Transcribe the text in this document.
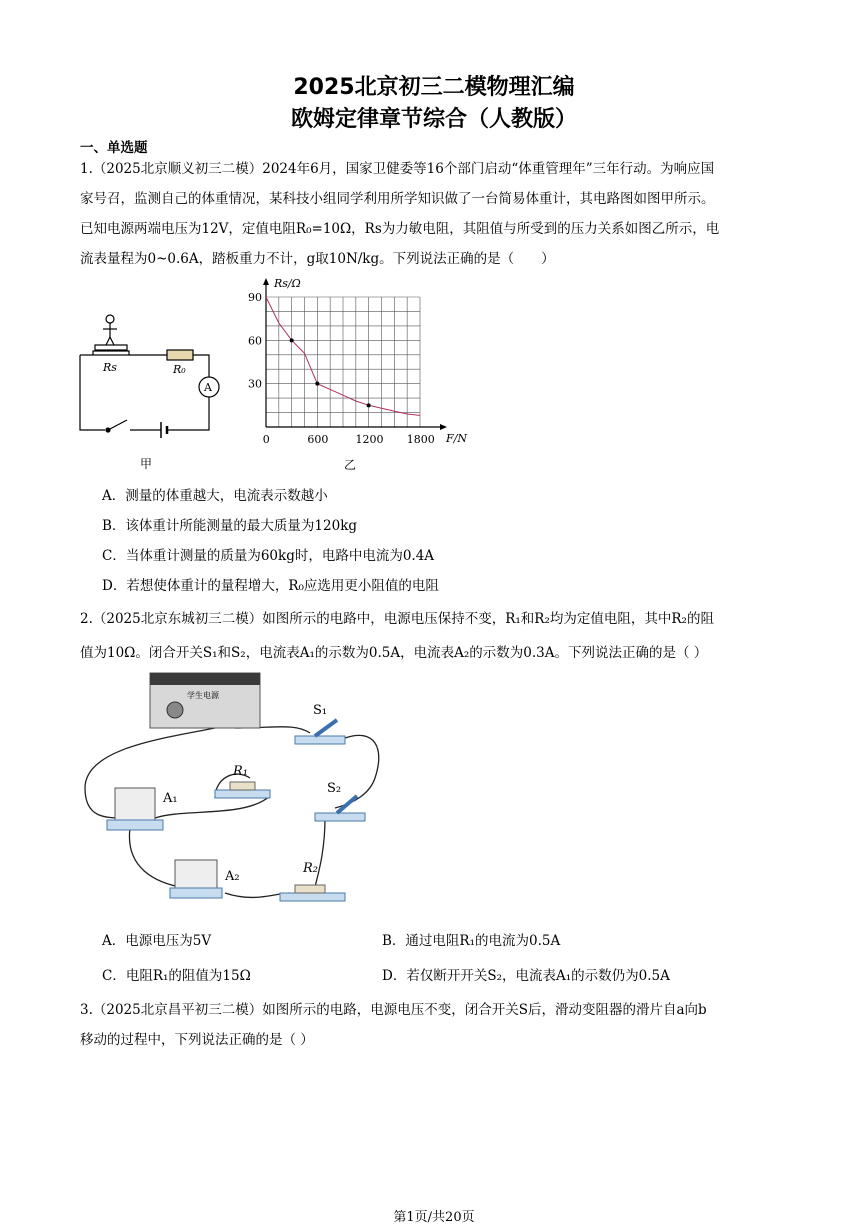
2025北京初三二模物理汇编
欧姆定律章节综合（人教版）
一、单选题
1.（2025北京顺义初三二模）2024年6月，国家卫健委等16个部门启动“体重管理年”三年行动。为响应国
家号召，监测自己的体重情况，某科技小组同学利用所学知识做了一台简易体重计，其电路图如图甲所示。
已知电源两端电压为12V，定值电阻R₀=10Ω，Rs为力敏电阻，其阻值与所受到的压力关系如图乙所示，电
流表量程为0~0.6A，踏板重力不计，g取10N/kg。下列说法正确的是（　　）
Rs	R₀
A
甲
0	600 1200 1800
30
60
90
Rs/Ω
F/N
乙
A．测量的体重越大，电流表示数越小
B．该体重计所能测量的最大质量为120kg
C．当体重计测量的质量为60kg时，电路中电流为0.4A
D．若想使体重计的量程增大，R₀应选用更小阻值的电阻
2.（2025北京东城初三二模）如图所示的电路中，电源电压保持不变，R₁和R₂均为定值电阻，其中R₂的阻
值为10Ω。闭合开关S₁和S₂，电流表A₁的示数为0.5A，电流表A₂的示数为0.3A。下列说法正确的是（ ）
学生电源
S₁
R₁
S₂
A₁
A₂
R₂
A．电源电压为5V	B．通过电阻R₁的电流为0.5A
C．电阻R₁的阻值为15Ω	D．若仅断开开关S₂，电流表A₁的示数仍为0.5A
3.（2025北京昌平初三二模）如图所示的电路，电源电压不变，闭合开关S后，滑动变阻器的滑片自a向b
移动的过程中，下列说法正确的是（ ）
第1页/共20页
